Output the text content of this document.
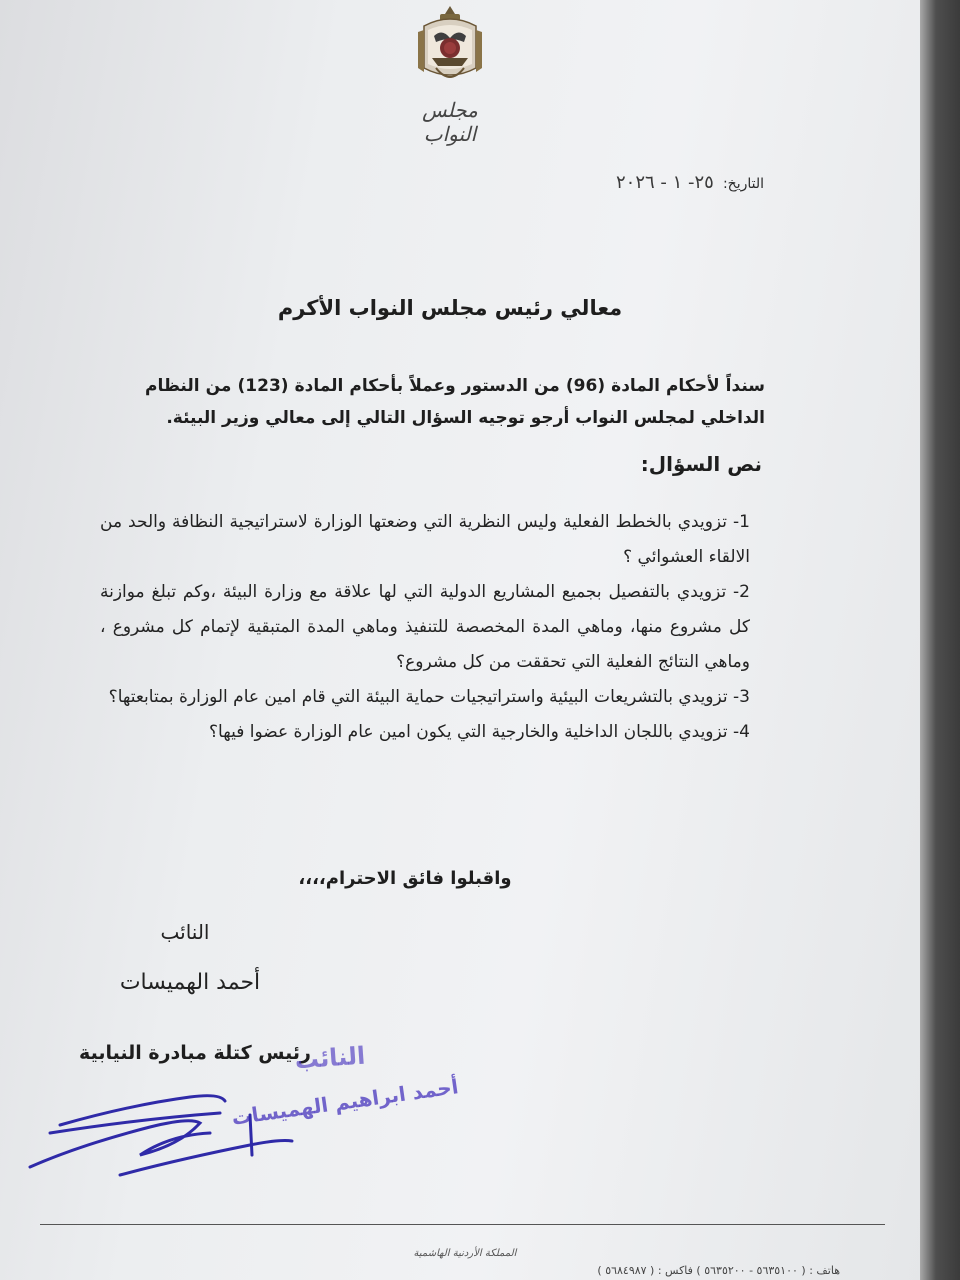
مجلس النواب
التاريخ: ٢٥- ١ - ٢٠٢٦
معالي رئيس مجلس النواب الأكرم
سنداً لأحكام المادة (96) من الدستور وعملاً بأحكام المادة (123) من النظام الداخلي لمجلس النواب أرجو توجيه السؤال التالي إلى معالي وزير البيئة.
نص السؤال:
1- تزويدي بالخطط الفعلية وليس النظرية التي وضعتها الوزارة لاستراتيجية النظافة والحد من الالقاء العشوائي ؟
2- تزويدي بالتفصيل بجميع المشاريع الدولية التي لها علاقة مع وزارة البيئة ،وكم تبلغ موازنة كل مشروع منها، وماهي المدة المخصصة للتنفيذ وماهي المدة المتبقية لإتمام كل مشروع ، وماهي النتائج الفعلية التي تحققت من كل مشروع؟
3- تزويدي بالتشريعات البيئية واستراتيجيات حماية البيئة التي قام امين عام الوزارة بمتابعتها؟
4- تزويدي باللجان الداخلية والخارجية التي يكون امين عام الوزارة عضوا فيها؟
واقبلوا فائق الاحترام،،،،
النائب
أحمد الهميسات
رئيس كتلة مبادرة النيابية
النائب
أحمد ابراهيم الهميسات
المملكة الأردنية الهاشمية
هاتف : ( ٥٦٣٥١٠٠ - ٥٦٣٥٢٠٠ ) فاكس : ( ٥٦٨٤٩٨٧ )
